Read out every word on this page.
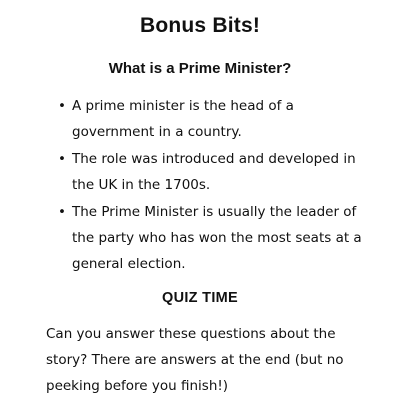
Bonus Bits!
What is a Prime Minister?
• A prime minister is the head of a government in a country.
• The role was introduced and developed in the UK in the 1700s.
• The Prime Minister is usually the leader of the party who has won the most seats at a general election.
QUIZ TIME
Can you answer these questions about the story? There are answers at the end (but no peeking before you finish!)
